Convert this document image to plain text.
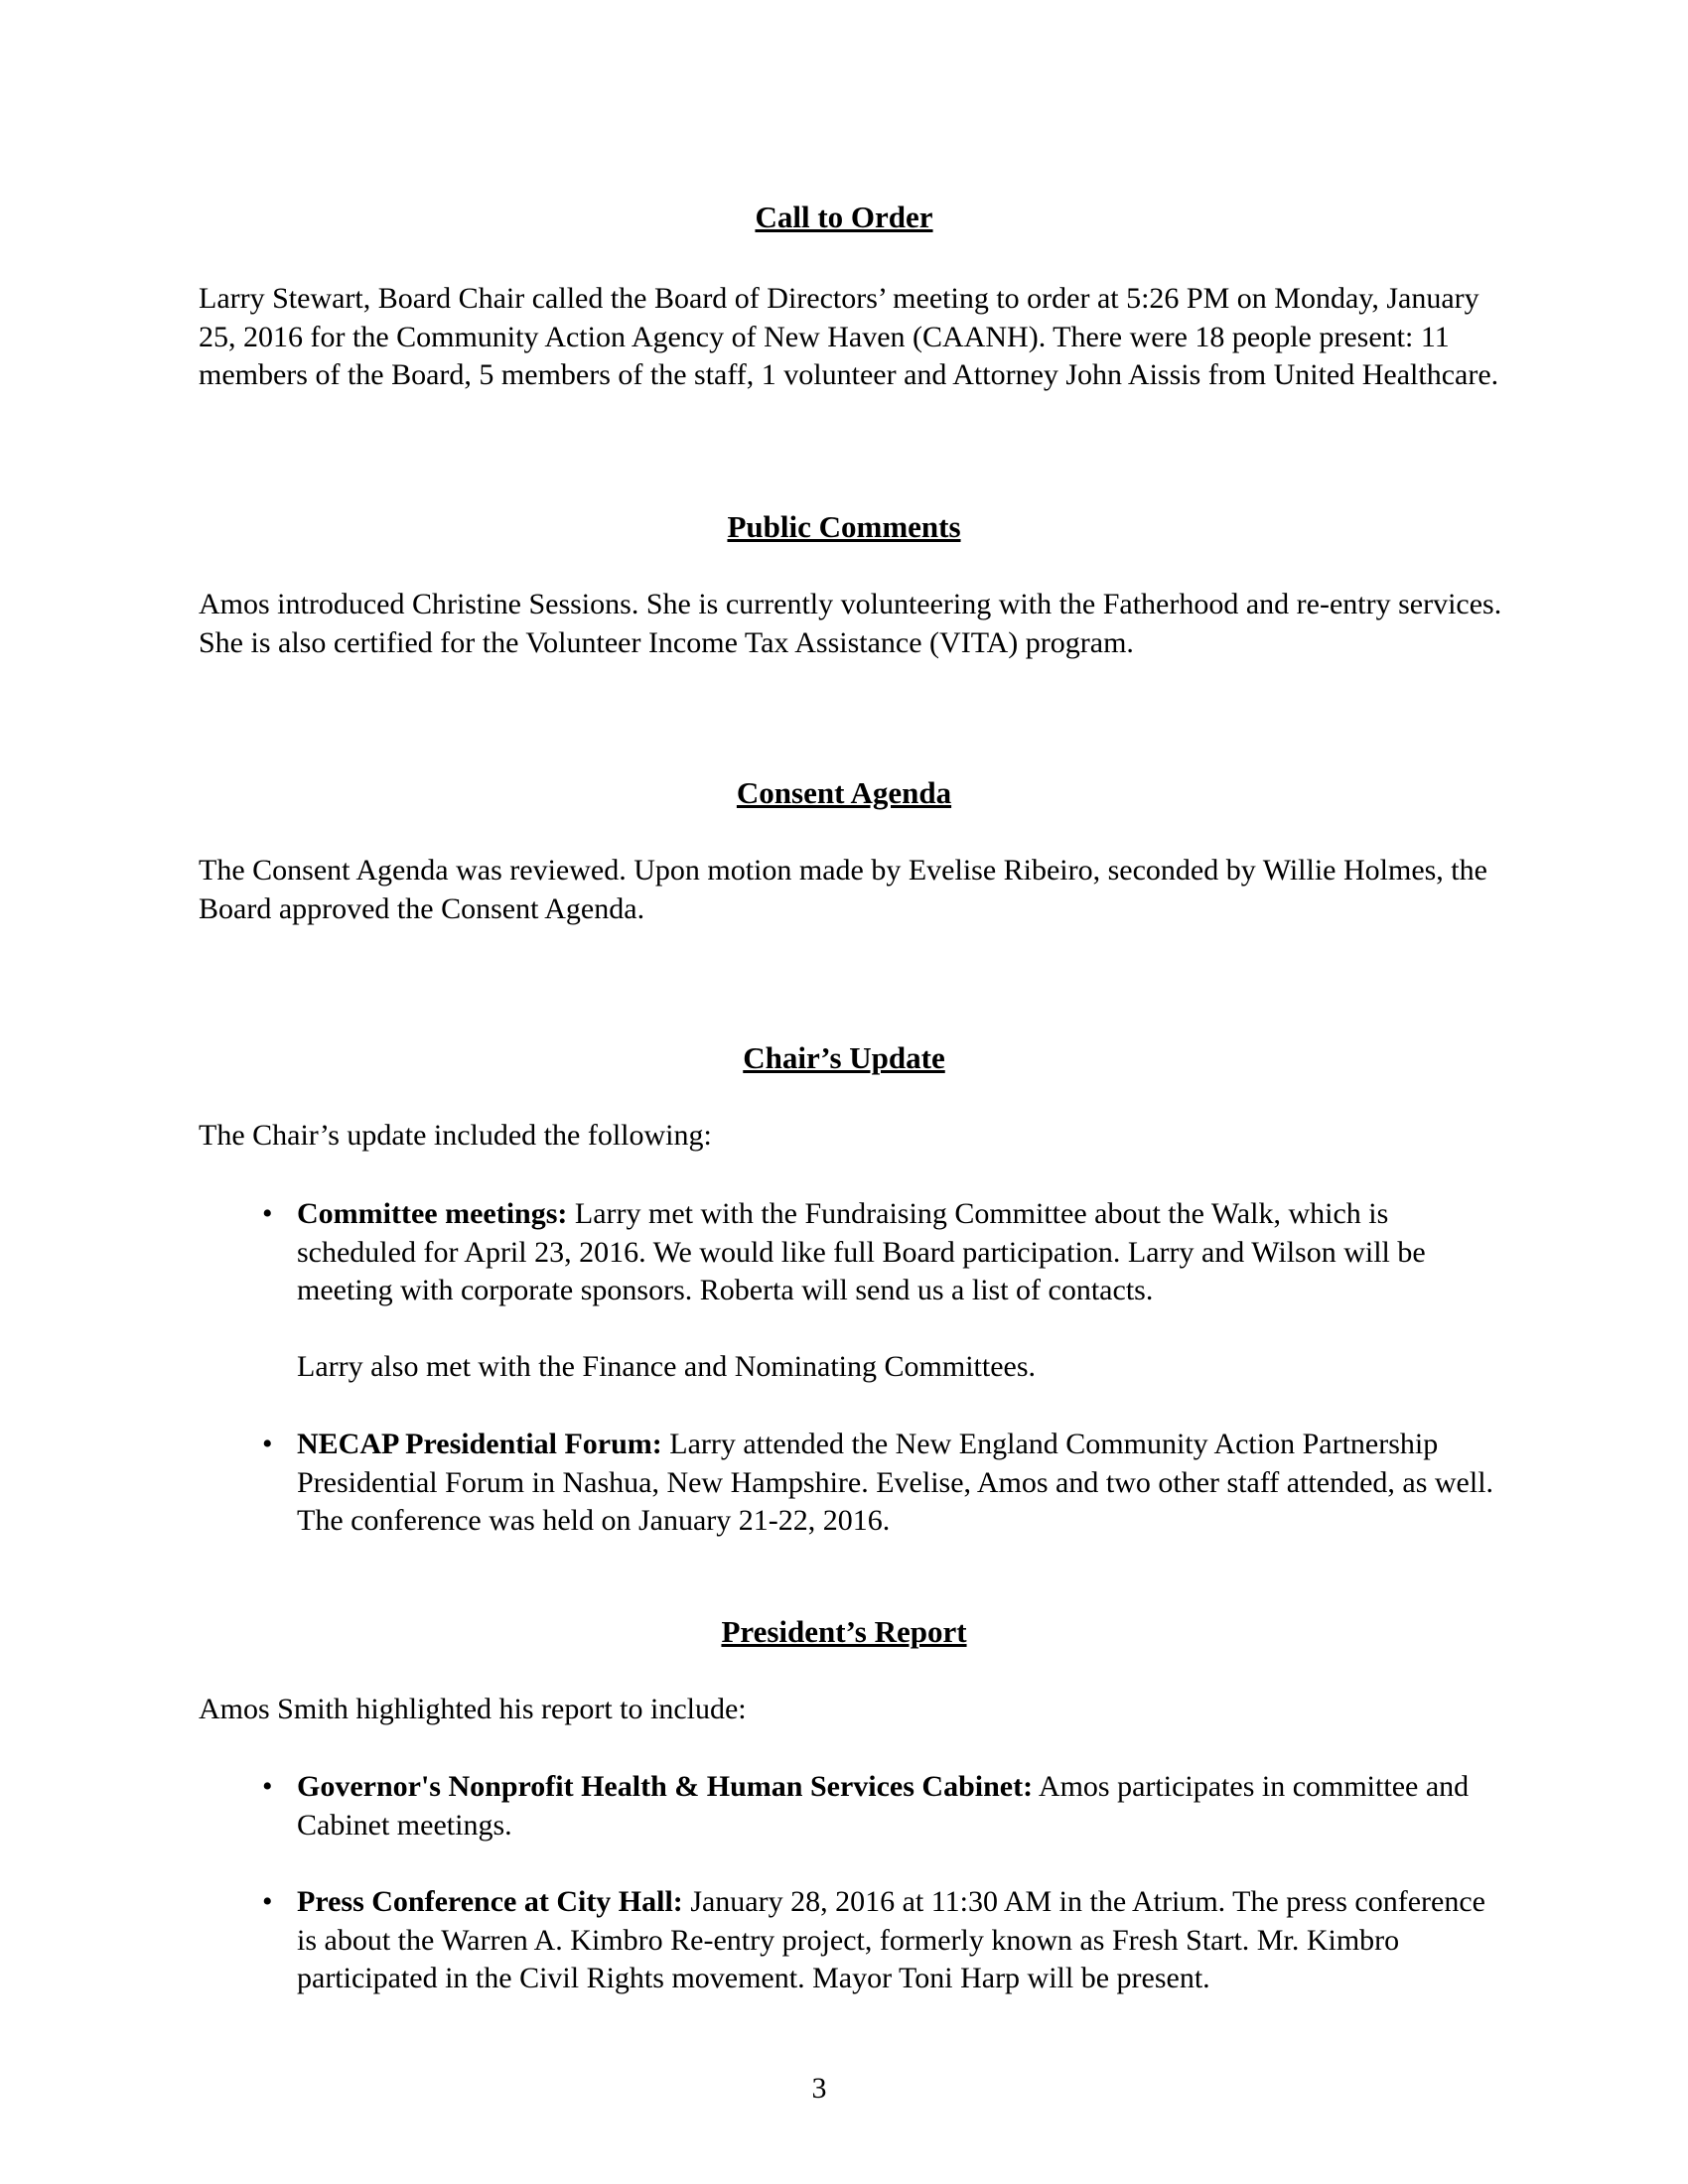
Call to Order

Larry Stewart, Board Chair called the Board of Directors’ meeting to order at 5:26 PM on Monday, January 25, 2016 for the Community Action Agency of New Haven (CAANH). There were 18 people present: 11 members of the Board, 5 members of the staff, 1 volunteer and Attorney John Aissis from United Healthcare.

Public Comments

Amos introduced Christine Sessions. She is currently volunteering with the Fatherhood and re-entry services. She is also certified for the Volunteer Income Tax Assistance (VITA) program.

Consent Agenda

The Consent Agenda was reviewed. Upon motion made by Evelise Ribeiro, seconded by Willie Holmes, the Board approved the Consent Agenda.

Chair’s Update

The Chair’s update included the following:

• Committee meetings: Larry met with the Fundraising Committee about the Walk, which is scheduled for April 23, 2016. We would like full Board participation. Larry and Wilson will be meeting with corporate sponsors. Roberta will send us a list of contacts.

Larry also met with the Finance and Nominating Committees.

• NECAP Presidential Forum: Larry attended the New England Community Action Partnership Presidential Forum in Nashua, New Hampshire. Evelise, Amos and two other staff attended, as well. The conference was held on January 21-22, 2016.

President’s Report

Amos Smith highlighted his report to include:

• Governor's Nonprofit Health & Human Services Cabinet: Amos participates in committee and Cabinet meetings.

• Press Conference at City Hall: January 28, 2016 at 11:30 AM in the Atrium. The press conference is about the Warren A. Kimbro Re-entry project, formerly known as Fresh Start. Mr. Kimbro participated in the Civil Rights movement. Mayor Toni Harp will be present.

3
